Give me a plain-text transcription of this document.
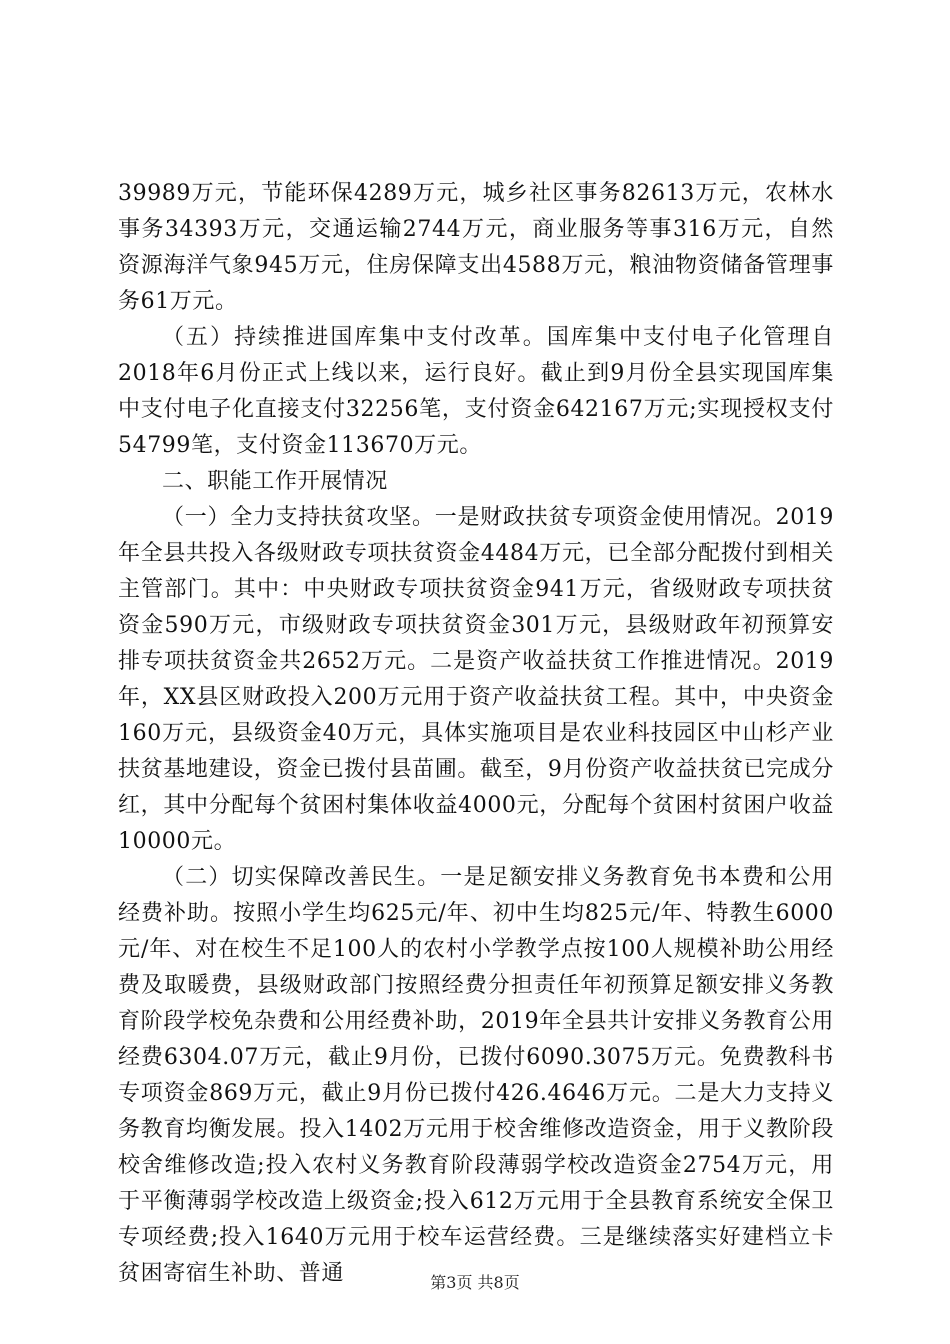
39989万元，节能环保4289万元，城乡社区事务82613万元，农林水事务34393万元，交通运输2744万元，商业服务等事316万元，自然资源海洋气象945万元，住房保障支出4588万元，粮油物资储备管理事务61万元。

（五）持续推进国库集中支付改革。国库集中支付电子化管理自2018年6月份正式上线以来，运行良好。截止到9月份全县实现国库集中支付电子化直接支付32256笔，支付资金642167万元;实现授权支付54799笔，支付资金113670万元。

二、职能工作开展情况

（一）全力支持扶贫攻坚。一是财政扶贫专项资金使用情况。2019年全县共投入各级财政专项扶贫资金4484万元，已全部分配拨付到相关主管部门。其中：中央财政专项扶贫资金941万元，省级财政专项扶贫资金590万元，市级财政专项扶贫资金301万元，县级财政年初预算安排专项扶贫资金共2652万元。二是资产收益扶贫工作推进情况。2019年，XX县区财政投入200万元用于资产收益扶贫工程。其中，中央资金160万元，县级资金40万元，具体实施项目是农业科技园区中山杉产业扶贫基地建设，资金已拨付县苗圃。截至，9月份资产收益扶贫已完成分红，其中分配每个贫困村集体收益4000元，分配每个贫困村贫困户收益10000元。

（二）切实保障改善民生。一是足额安排义务教育免书本费和公用经费补助。按照小学生均625元/年、初中生均825元/年、特教生6000元/年、对在校生不足100人的农村小学教学点按100人规模补助公用经费及取暖费，县级财政部门按照经费分担责任年初预算足额安排义务教育阶段学校免杂费和公用经费补助，2019年全县共计安排义务教育公用经费6304.07万元，截止9月份，已拨付6090.3075万元。免费教科书专项资金869万元，截止9月份已拨付426.4646万元。二是大力支持义务教育均衡发展。投入1402万元用于校舍维修改造资金，用于义教阶段校舍维修改造;投入农村义务教育阶段薄弱学校改造资金2754万元，用于平衡薄弱学校改造上级资金;投入612万元用于全县教育系统安全保卫专项经费;投入1640万元用于校车运营经费。三是继续落实好建档立卡贫困寄宿生补助、普通	第3页 共8页
